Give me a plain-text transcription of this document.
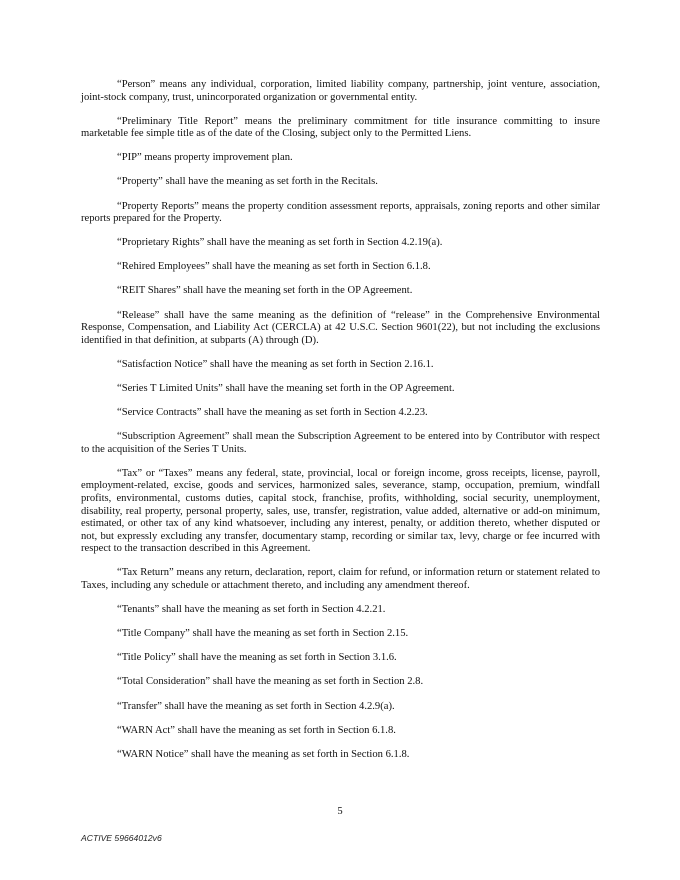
“Person” means any individual, corporation, limited liability company, partnership, joint venture, association, joint-stock company, trust, unincorporated organization or governmental entity.

“Preliminary Title Report” means the preliminary commitment for title insurance committing to insure marketable fee simple title as of the date of the Closing, subject only to the Permitted Liens.

“PIP” means property improvement plan.

“Property” shall have the meaning as set forth in the Recitals.

“Property Reports” means the property condition assessment reports, appraisals, zoning reports and other similar reports prepared for the Property.

“Proprietary Rights” shall have the meaning as set forth in Section 4.2.19(a).

“Rehired Employees” shall have the meaning as set forth in Section 6.1.8.

“REIT Shares” shall have the meaning set forth in the OP Agreement.

“Release” shall have the same meaning as the definition of “release” in the Comprehensive Environmental Response, Compensation, and Liability Act (CERCLA) at 42 U.S.C. Section 9601(22), but not including the exclusions identified in that definition, at subparts (A) through (D).

“Satisfaction Notice” shall have the meaning as set forth in Section 2.16.1.

“Series T Limited Units” shall have the meaning set forth in the OP Agreement.

“Service Contracts” shall have the meaning as set forth in Section 4.2.23.

“Subscription Agreement” shall mean the Subscription Agreement to be entered into by Contributor with respect to the acquisition of the Series T Units.

“Tax” or “Taxes” means any federal, state, provincial, local or foreign income, gross receipts, license, payroll, employment-related, excise, goods and services, harmonized sales, severance, stamp, occupation, premium, windfall profits, environmental, customs duties, capital stock, franchise, profits, withholding, social security, unemployment, disability, real property, personal property, sales, use, transfer, registration, value added, alternative or add-on minimum, estimated, or other tax of any kind whatsoever, including any interest, penalty, or addition thereto, whether disputed or not, but expressly excluding any transfer, documentary stamp, recording or similar tax, levy, charge or fee incurred with respect to the transaction described in this Agreement.

“Tax Return” means any return, declaration, report, claim for refund, or information return or statement related to Taxes, including any schedule or attachment thereto, and including any amendment thereof.

“Tenants” shall have the meaning as set forth in Section 4.2.21.

“Title Company” shall have the meaning as set forth in Section 2.15.

“Title Policy” shall have the meaning as set forth in Section 3.1.6.

“Total Consideration” shall have the meaning as set forth in Section 2.8.

“Transfer” shall have the meaning as set forth in Section 4.2.9(a).

“WARN Act” shall have the meaning as set forth in Section 6.1.8.

“WARN Notice” shall have the meaning as set forth in Section 6.1.8.

5
ACTIVE 59664012v6
